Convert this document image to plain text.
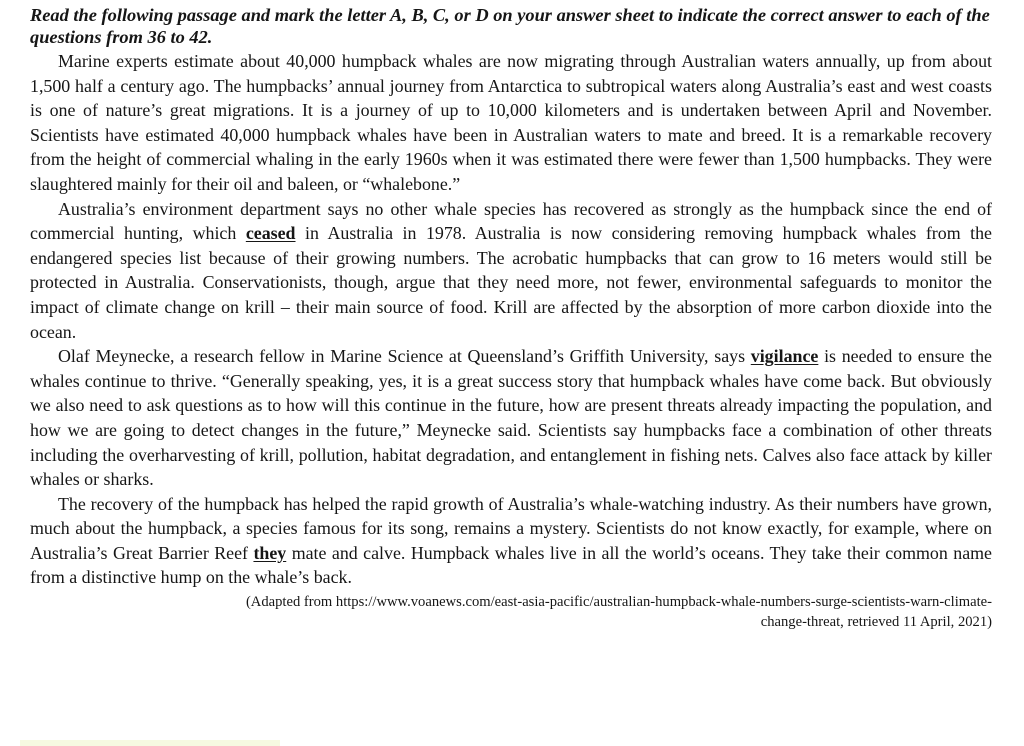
Read the following passage and mark the letter A, B, C, or D on your answer sheet to indicate the correct answer to each of the questions from 36 to 42.

Marine experts estimate about 40,000 humpback whales are now migrating through Australian waters annually, up from about 1,500 half a century ago. The humpbacks’ annual journey from Antarctica to subtropical waters along Australia’s east and west coasts is one of nature’s great migrations. It is a journey of up to 10,000 kilometers and is undertaken between April and November. Scientists have estimated 40,000 humpback whales have been in Australian waters to mate and breed. It is a remarkable recovery from the height of commercial whaling in the early 1960s when it was estimated there were fewer than 1,500 humpbacks. They were slaughtered mainly for their oil and baleen, or “whalebone.”

Australia’s environment department says no other whale species has recovered as strongly as the humpback since the end of commercial hunting, which ceased in Australia in 1978. Australia is now considering removing humpback whales from the endangered species list because of their growing numbers. The acrobatic humpbacks that can grow to 16 meters would still be protected in Australia. Conservationists, though, argue that they need more, not fewer, environmental safeguards to monitor the impact of climate change on krill – their main source of food. Krill are affected by the absorption of more carbon dioxide into the ocean.

Olaf Meynecke, a research fellow in Marine Science at Queensland’s Griffith University, says vigilance is needed to ensure the whales continue to thrive. “Generally speaking, yes, it is a great success story that humpback whales have come back. But obviously we also need to ask questions as to how will this continue in the future, how are present threats already impacting the population, and how we are going to detect changes in the future,” Meynecke said. Scientists say humpbacks face a combination of other threats including the overharvesting of krill, pollution, habitat degradation, and entanglement in fishing nets. Calves also face attack by killer whales or sharks.

The recovery of the humpback has helped the rapid growth of Australia’s whale-watching industry. As their numbers have grown, much about the humpback, a species famous for its song, remains a mystery. Scientists do not know exactly, for example, where on Australia’s Great Barrier Reef they mate and calve. Humpback whales live in all the world’s oceans. They take their common name from a distinctive hump on the whale’s back.

(Adapted from https://www.voanews.com/east-asia-pacific/australian-humpback-whale-numbers-surge-scientists-warn-climate-
change-threat, retrieved 11 April, 2021)
